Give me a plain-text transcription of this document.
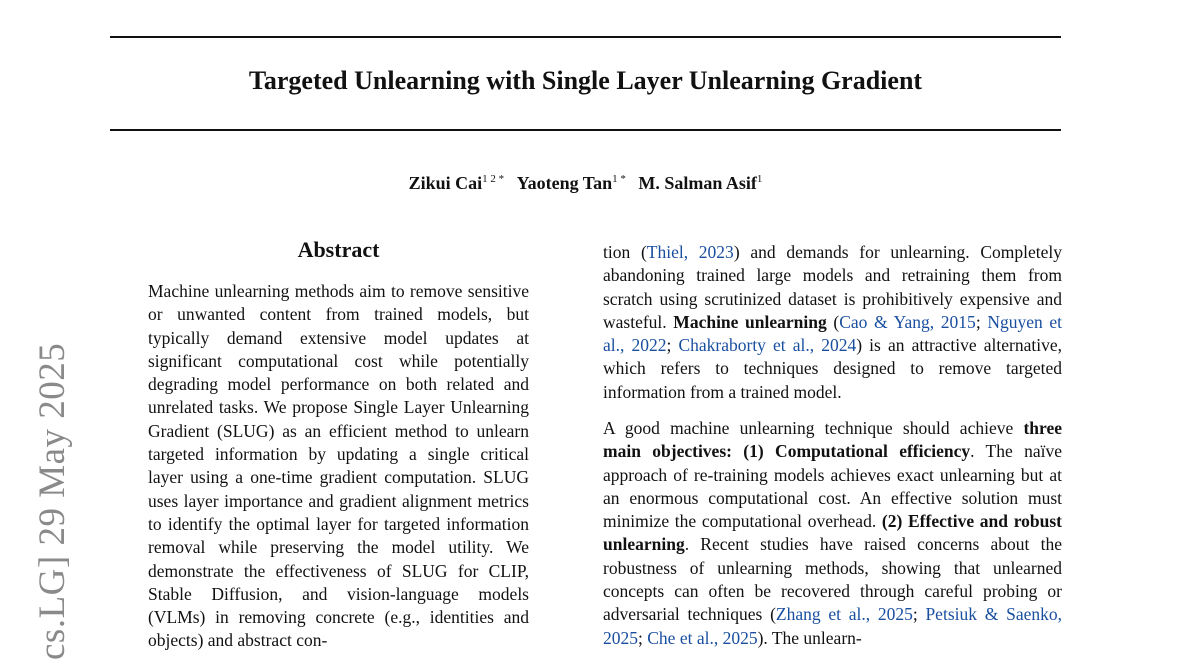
Targeted Unlearning with Single Layer Unlearning Gradient
Zikui Cai$^{1 2 *}$ Yaoteng Tan$^{1 *}$ M. Salman Asif$^1$
cs.LG] 29 May 2025
Abstract

Machine unlearning methods aim to remove sensitive or unwanted content from trained models, but typically demand extensive model updates at significant computational cost while potentially degrading model performance on both related and unrelated tasks. We propose Single Layer Unlearning Gradient (SLUG) as an efficient method to unlearn targeted information by updating a single critical layer using a one-time gradient computation. SLUG uses layer importance and gradient alignment metrics to identify the optimal layer for targeted information removal while preserving the model utility. We demonstrate the effectiveness of SLUG for CLIP, Stable Diffusion, and vision-language models (VLMs) in removing concrete (e.g., identities and objects) and abstract con-

tion (Thiel, 2023) and demands for unlearning. Completely abandoning trained large models and retraining them from scratch using scrutinized dataset is prohibitively expensive and wasteful. Machine unlearning (Cao & Yang, 2015; Nguyen et al., 2022; Chakraborty et al., 2024) is an attractive alternative, which refers to techniques designed to remove targeted information from a trained model.

A good machine unlearning technique should achieve three main objectives: (1) Computational efficiency. The naïve approach of re-training models achieves exact unlearning but at an enormous computational cost. An effective solution must minimize the computational overhead. (2) Effective and robust unlearning. Recent studies have raised concerns about the robustness of unlearning methods, showing that unlearned concepts can often be recovered through careful probing or adversarial techniques (Zhang et al., 2025; Petsiuk & Saenko, 2025; Che et al., 2025). The unlearn-
